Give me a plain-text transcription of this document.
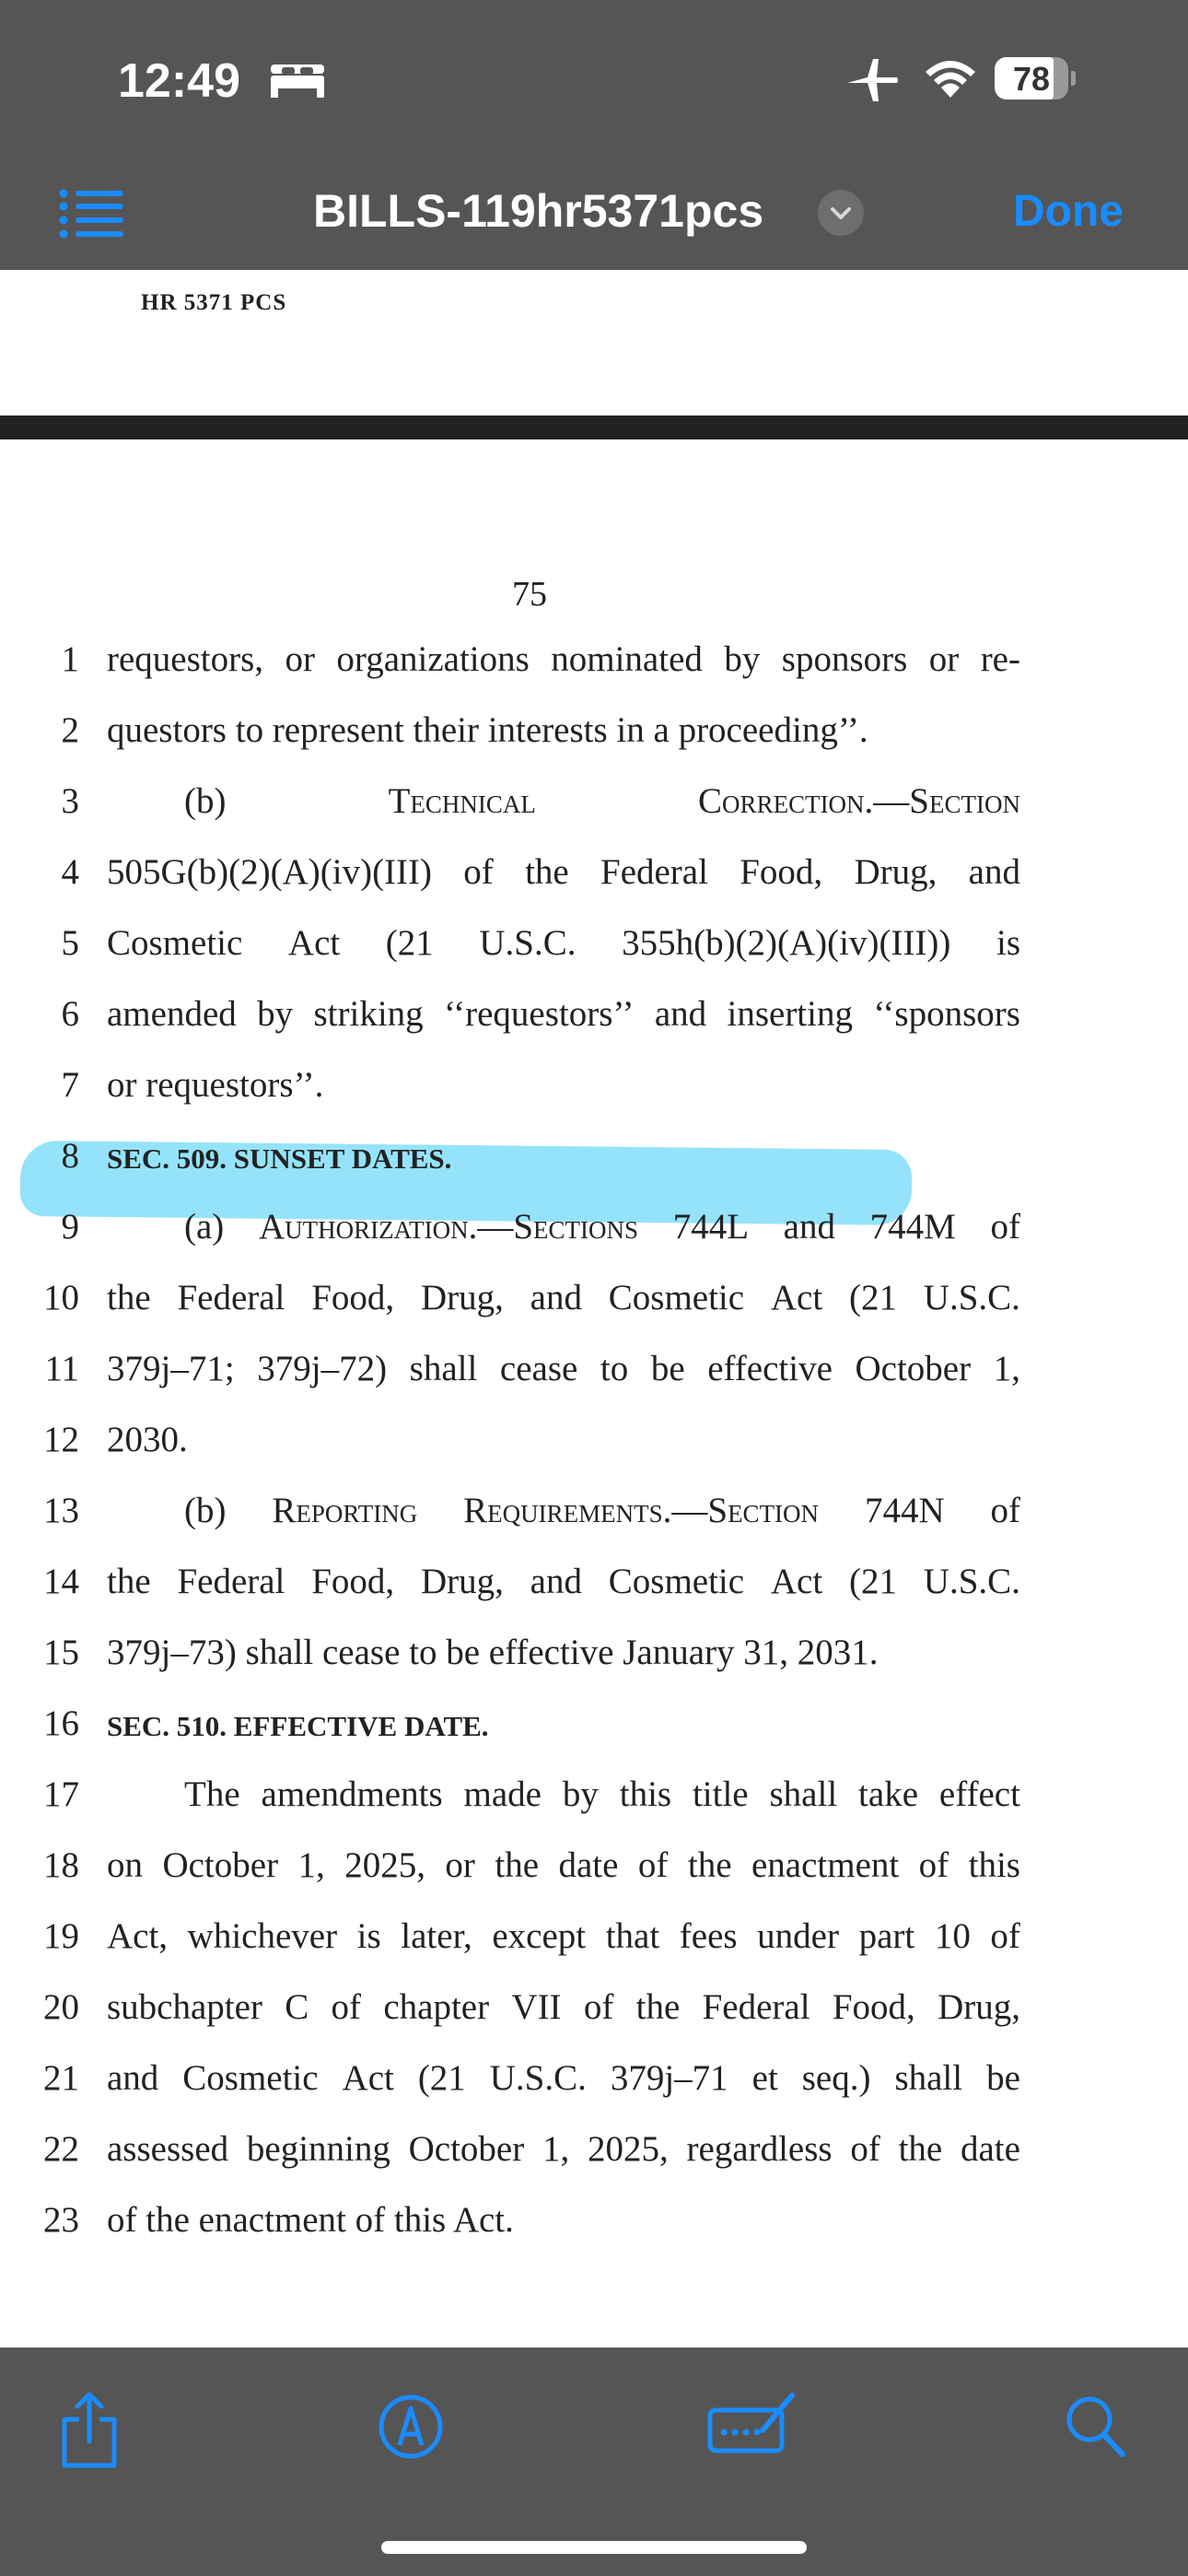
12:49	78
BILLS-119hr5371pcs	Done
HR 5371 PCS
75
1 requestors, or organizations nominated by sponsors or re-
2 questors to represent their interests in a proceeding’’.
3	(b)	Technical	Correction.—Section
4 505G(b)(2)(A)(iv)(III) of the Federal Food, Drug, and
5 Cosmetic Act (21 U.S.C. 355h(b)(2)(A)(iv)(III)) is
6 amended by striking ‘‘requestors’’ and inserting ‘‘sponsors
7 or requestors’’.
8 SEC. 509. SUNSET DATES.
9	(a) Authorization.—Sections 744L and 744M of
10 the Federal Food, Drug, and Cosmetic Act (21 U.S.C.
11 379j–71; 379j–72) shall cease to be effective October 1,
12 2030.
13	(b) Reporting Requirements.—Section 744N of
14 the Federal Food, Drug, and Cosmetic Act (21 U.S.C.
15 379j–73) shall cease to be effective January 31, 2031.
16 SEC. 510. EFFECTIVE DATE.
17	The amendments made by this title shall take effect
18 on October 1, 2025, or the date of the enactment of this
19 Act, whichever is later, except that fees under part 10 of
20 subchapter C of chapter VII of the Federal Food, Drug,
21 and Cosmetic Act (21 U.S.C. 379j–71 et seq.) shall be
22 assessed beginning October 1, 2025, regardless of the date
23 of the enactment of this Act.
